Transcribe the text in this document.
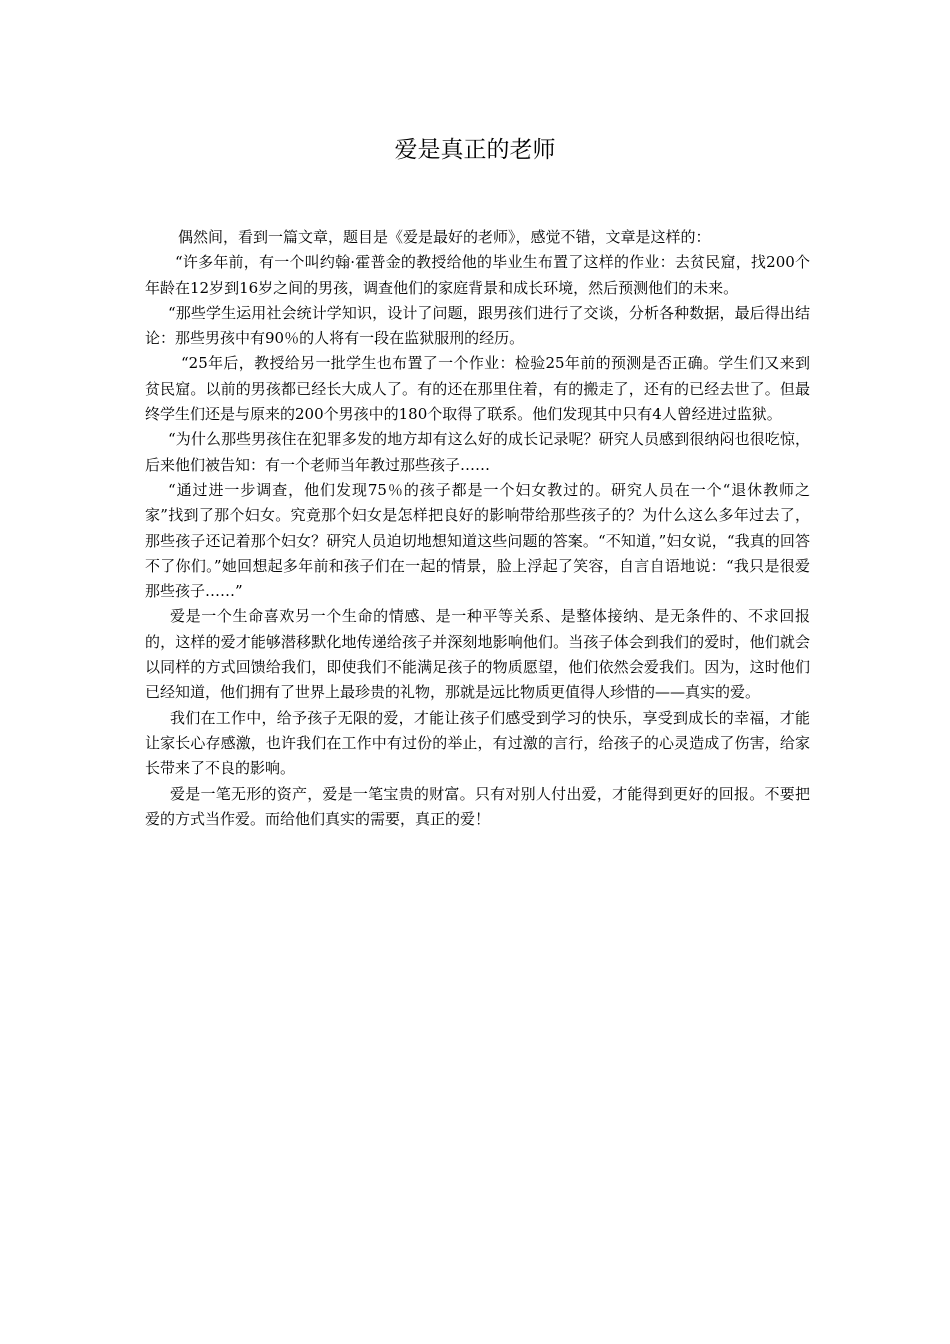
爱是真正的老师

偶然间，看到一篇文章，题目是《爱是最好的老师》，感觉不错，文章是这样的：

“许多年前，有一个叫约翰·霍普金的教授给他的毕业生布置了这样的作业：去贫民窟，找200个年龄在12岁到16岁之间的男孩，调查他们的家庭背景和成长环境，然后预测他们的未来。

“那些学生运用社会统计学知识，设计了问题，跟男孩们进行了交谈，分析各种数据，最后得出结论：那些男孩中有90％的人将有一段在监狱服刑的经历。

“25年后，教授给另一批学生也布置了一个作业：检验25年前的预测是否正确。学生们又来到贫民窟。以前的男孩都已经长大成人了。有的还在那里住着，有的搬走了，还有的已经去世了。但最终学生们还是与原来的200个男孩中的180个取得了联系。他们发现其中只有4人曾经进过监狱。

“为什么那些男孩住在犯罪多发的地方却有这么好的成长记录呢？研究人员感到很纳闷也很吃惊，后来他们被告知：有一个老师当年教过那些孩子……

“通过进一步调查，他们发现75％的孩子都是一个妇女教过的。研究人员在一个“退休教师之家”找到了那个妇女。究竟那个妇女是怎样把良好的影响带给那些孩子的？为什么这么多年过去了，那些孩子还记着那个妇女？研究人员迫切地想知道这些问题的答案。“不知道，”妇女说，“我真的回答不了你们。”她回想起多年前和孩子们在一起的情景，脸上浮起了笑容，自言自语地说：“我只是很爱那些孩子……”

爱是一个生命喜欢另一个生命的情感、是一种平等关系、是整体接纳、是无条件的、不求回报的，这样的爱才能够潜移默化地传递给孩子并深刻地影响他们。当孩子体会到我们的爱时，他们就会以同样的方式回馈给我们，即使我们不能满足孩子的物质愿望，他们依然会爱我们。因为，这时他们已经知道，他们拥有了世界上最珍贵的礼物，那就是远比物质更值得人珍惜的——真实的爱。

我们在工作中，给予孩子无限的爱，才能让孩子们感受到学习的快乐，享受到成长的幸福，才能让家长心存感激，也许我们在工作中有过份的举止，有过激的言行，给孩子的心灵造成了伤害，给家长带来了不良的影响。

爱是一笔无形的资产，爱是一笔宝贵的财富。只有对别人付出爱，才能得到更好的回报。不要把爱的方式当作爱。而给他们真实的需要，真正的爱！
